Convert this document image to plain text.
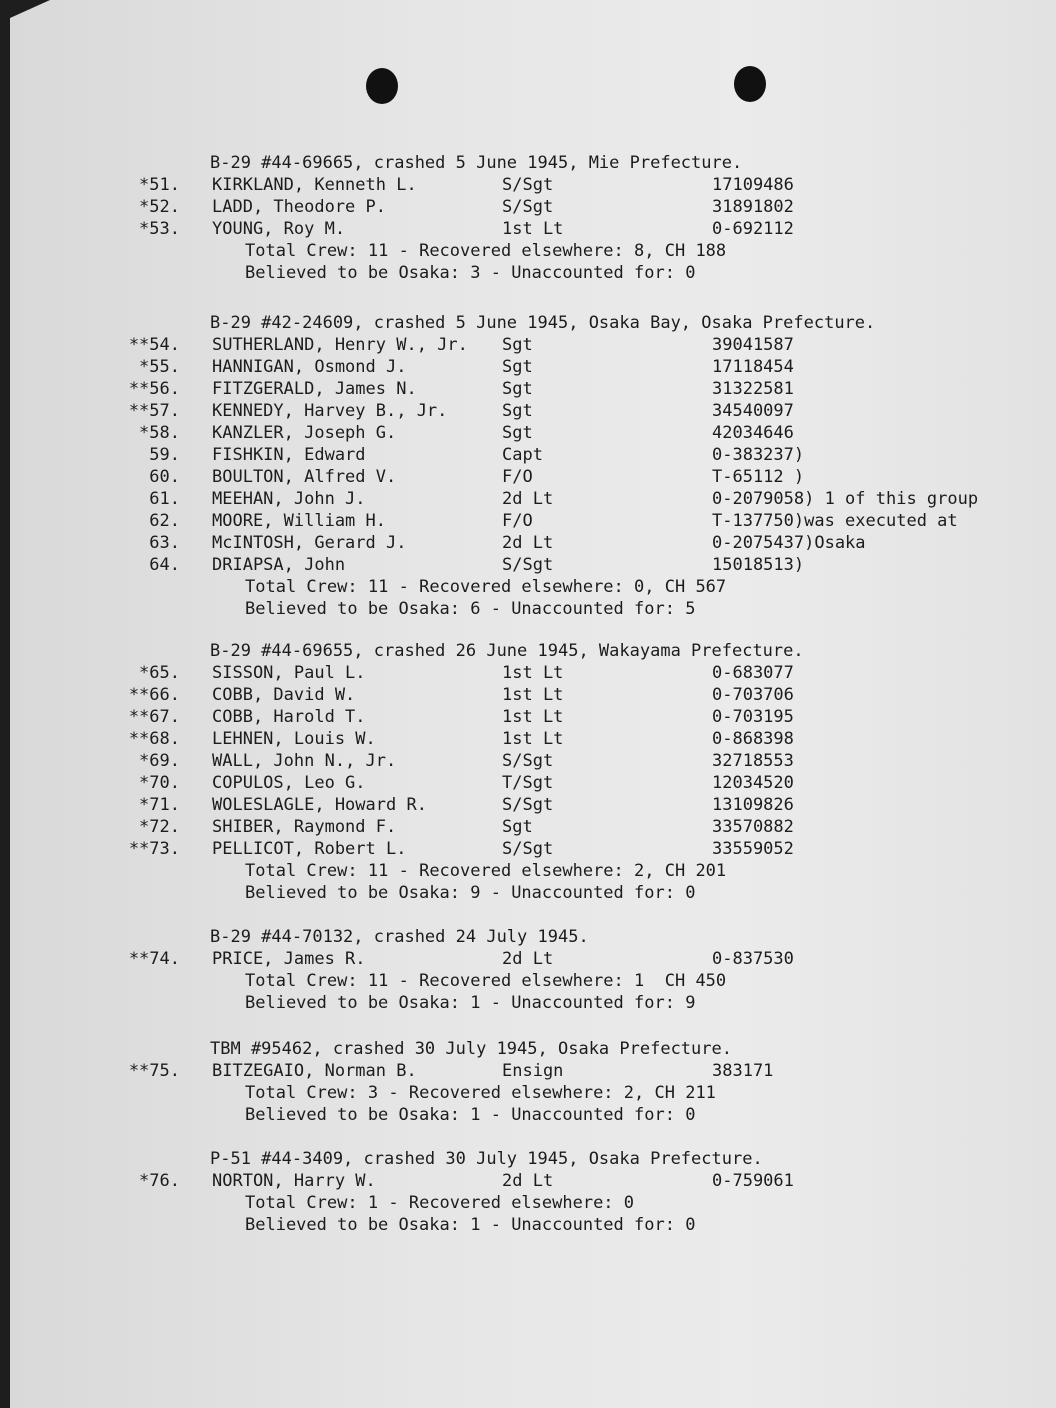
B-29 #44-69665, crashed 5 June 1945, Mie Prefecture.
*51. KIRKLAND, Kenneth L.	S/Sgt	17109486
*52. LADD, Theodore P.	S/Sgt	31891802
*53. YOUNG, Roy M.	1st Lt	0-692112
Total Crew: 11 - Recovered elsewhere: 8, CH 188
Believed to be Osaka: 3 - Unaccounted for: 0
B-29 #42-24609, crashed 5 June 1945, Osaka Bay, Osaka Prefecture.
**54. SUTHERLAND, Henry W., Jr. Sgt	39041587
*55. HANNIGAN, Osmond J.	Sgt	17118454
**56. FITZGERALD, James N.	Sgt	31322581
**57. KENNEDY, Harvey B., Jr.	Sgt	34540097
*58. KANZLER, Joseph G.	Sgt	42034646
59. FISHKIN, Edward	Capt	0-383237)
60. BOULTON, Alfred V.	F/O	T-65112 )
61. MEEHAN, John J.	2d Lt	0-2079058) 1 of this group
62. MOORE, William H.	F/O	T-137750)was executed at
63. McINTOSH, Gerard J.	2d Lt	0-2075437)Osaka
64. DRIAPSA, John	S/Sgt	15018513)
Total Crew: 11 - Recovered elsewhere: 0, CH 567
Believed to be Osaka: 6 - Unaccounted for: 5
B-29 #44-69655, crashed 26 June 1945, Wakayama Prefecture.
*65. SISSON, Paul L.	1st Lt	0-683077
**66. COBB, David W.	1st Lt	0-703706
**67. COBB, Harold T.	1st Lt	0-703195
**68. LEHNEN, Louis W.	1st Lt	0-868398
*69. WALL, John N., Jr.	S/Sgt	32718553
*70. COPULOS, Leo G.	T/Sgt	12034520
*71. WOLESLAGLE, Howard R.	S/Sgt	13109826
*72. SHIBER, Raymond F.	Sgt	33570882
**73. PELLICOT, Robert L.	S/Sgt	33559052
Total Crew: 11 - Recovered elsewhere: 2, CH 201
Believed to be Osaka: 9 - Unaccounted for: 0
B-29 #44-70132, crashed 24 July 1945.
**74. PRICE, James R.	2d Lt	0-837530
Total Crew: 11 - Recovered elsewhere: 1  CH 450
Believed to be Osaka: 1 - Unaccounted for: 9
TBM #95462, crashed 30 July 1945, Osaka Prefecture.
**75. BITZEGAIO, Norman B.	Ensign	383171
Total Crew: 3 - Recovered elsewhere: 2, CH 211
Believed to be Osaka: 1 - Unaccounted for: 0
P-51 #44-3409, crashed 30 July 1945, Osaka Prefecture.
*76. NORTON, Harry W.	2d Lt	0-759061
Total Crew: 1 - Recovered elsewhere: 0
Believed to be Osaka: 1 - Unaccounted for: 0
